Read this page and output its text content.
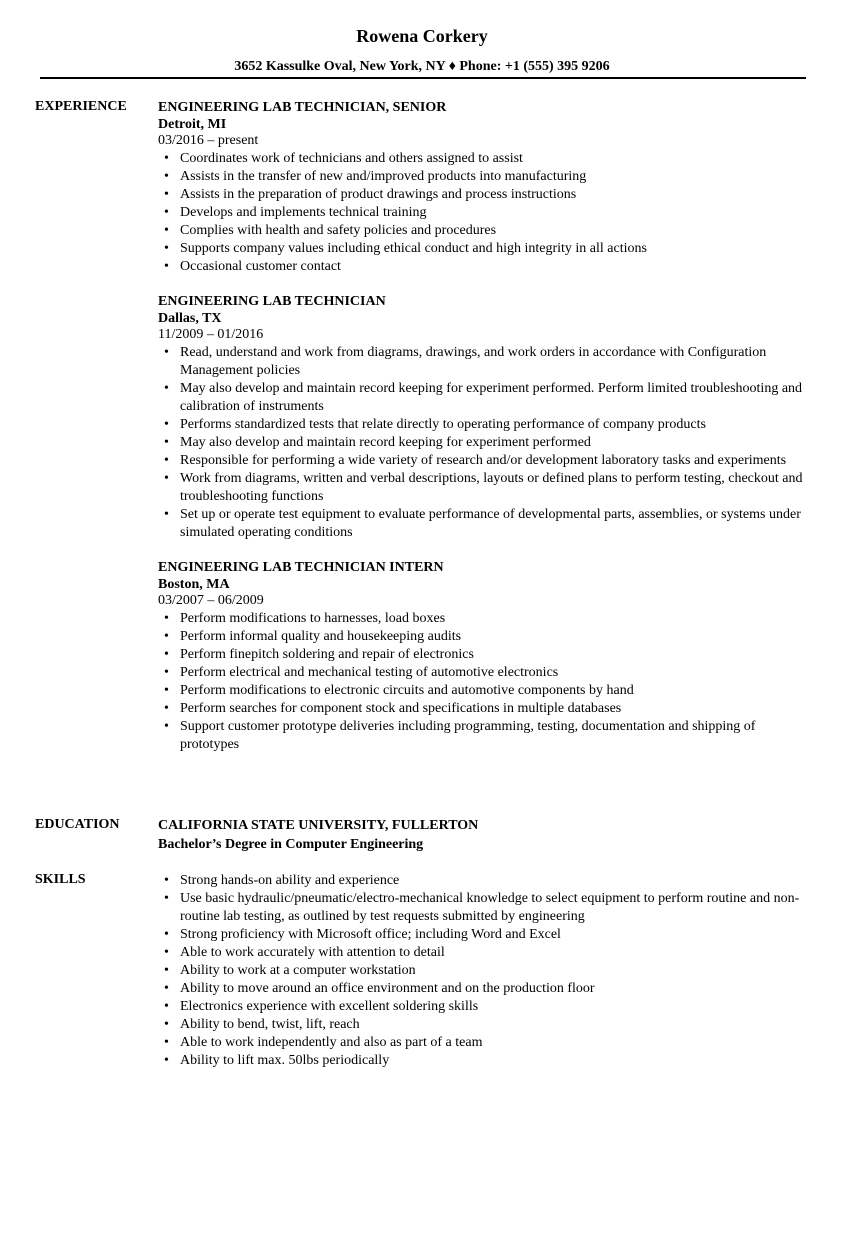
Rowena Corkery
3652 Kassulke Oval, New York, NY ♦ Phone: +1 (555) 395 9206
EXPERIENCE ENGINEERING LAB TECHNICIAN, SENIOR
Detroit, MI
03/2016 – present
• Coordinates work of technicians and others assigned to assist
• Assists in the transfer of new and/improved products into manufacturing
• Assists in the preparation of product drawings and process instructions
• Develops and implements technical training
• Complies with health and safety policies and procedures
• Supports company values including ethical conduct and high integrity in all actions
• Occasional customer contact
ENGINEERING LAB TECHNICIAN
Dallas, TX
11/2009 – 01/2016
• Read, understand and work from diagrams, drawings, and work orders in accordance with Configuration Management policies
• May also develop and maintain record keeping for experiment performed. Perform limited troubleshooting and calibration of instruments
• Performs standardized tests that relate directly to operating performance of company products
• May also develop and maintain record keeping for experiment performed
• Responsible for performing a wide variety of research and/or development laboratory tasks and experiments
• Work from diagrams, written and verbal descriptions, layouts or defined plans to perform testing, checkout and troubleshooting functions
• Set up or operate test equipment to evaluate performance of developmental parts, assemblies, or systems under simulated operating conditions
ENGINEERING LAB TECHNICIAN INTERN
Boston, MA
03/2007 – 06/2009
• Perform modifications to harnesses, load boxes
• Perform informal quality and housekeeping audits
• Perform finepitch soldering and repair of electronics
• Perform electrical and mechanical testing of automotive electronics
• Perform modifications to electronic circuits and automotive components by hand
• Perform searches for component stock and specifications in multiple databases
• Support customer prototype deliveries including programming, testing, documentation and shipping of prototypes
EDUCATION	CALIFORNIA STATE UNIVERSITY, FULLERTON
Bachelor’s Degree in Computer Engineering
SKILLS
•	Strong hands-on ability and experience
• Use basic hydraulic/pneumatic/electro-mechanical knowledge to select equipment to perform routine and non-routine lab testing, as outlined by test requests submitted by engineering
• Strong proficiency with Microsoft office; including Word and Excel
• Able to work accurately with attention to detail
• Ability to work at a computer workstation
• Ability to move around an office environment and on the production floor
• Electronics experience with excellent soldering skills
• Ability to bend, twist, lift, reach
• Able to work independently and also as part of a team
• Ability to lift max. 50lbs periodically
